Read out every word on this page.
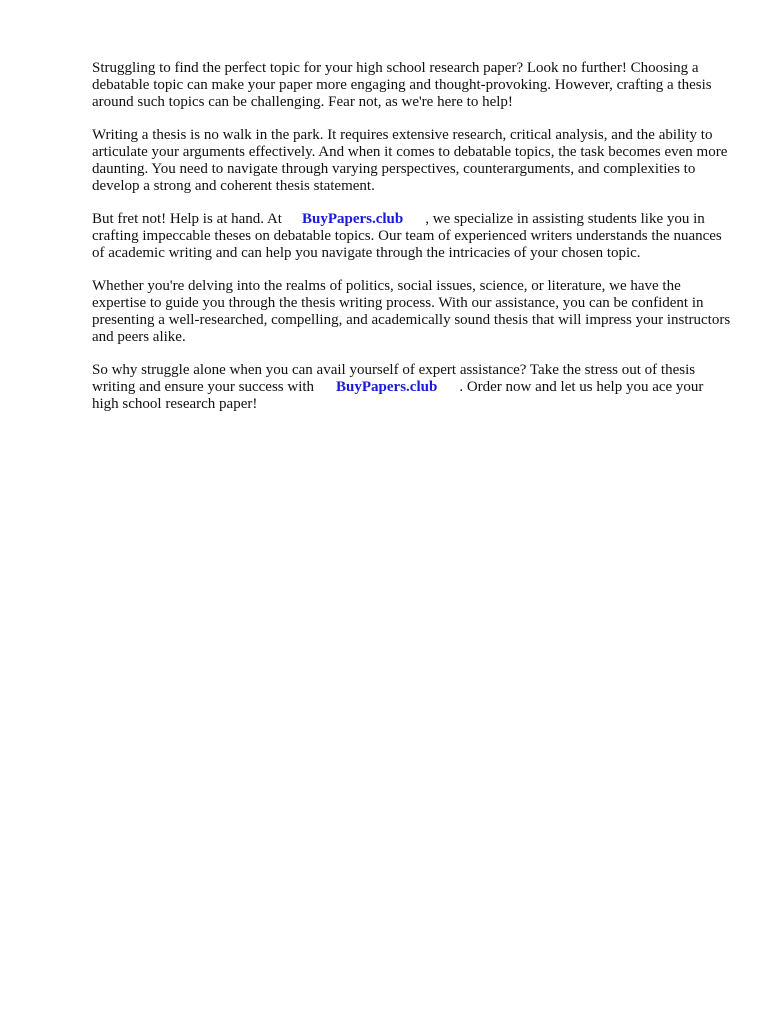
Struggling to find the perfect topic for your high school research paper? Look no further! Choosing a debatable topic can make your paper more engaging and thought-provoking. However, crafting a thesis around such topics can be challenging. Fear not, as we're here to help!

Writing a thesis is no walk in the park. It requires extensive research, critical analysis, and the ability to articulate your arguments effectively. And when it comes to debatable topics, the task becomes even more daunting. You need to navigate through varying perspectives, counterarguments, and complexities to develop a strong and coherent thesis statement.

But fret not! Help is at hand. At BuyPapers.club , we specialize in assisting students like you in crafting impeccable theses on debatable topics. Our team of experienced writers understands the nuances of academic writing and can help you navigate through the intricacies of your chosen topic.

Whether you're delving into the realms of politics, social issues, science, or literature, we have the expertise to guide you through the thesis writing process. With our assistance, you can be confident in presenting a well-researched, compelling, and academically sound thesis that will impress your instructors and peers alike.

So why struggle alone when you can avail yourself of expert assistance? Take the stress out of thesis writing and ensure your success with BuyPapers.club . Order now and let us help you ace your high school research paper!
